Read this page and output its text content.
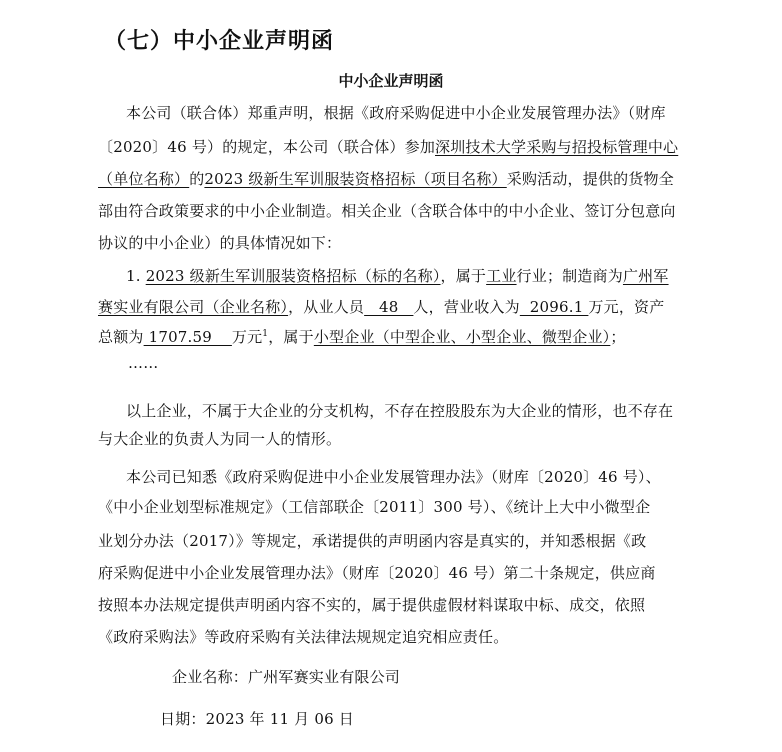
（七）中小企业声明函
中小企业声明函
本公司（联合体）郑重声明，根据《政府采购促进中小企业发展管理办法》（财库
〔2020〕46 号）的规定，本公司（联合体）参加深圳技术大学采购与招投标管理中心
（单位名称）的2023 级新生军训服装资格招标（项目名称）采购活动，提供的货物全
部由符合政策要求的中小企业制造。相关企业（含联合体中的中小企业、签订分包意向
协议的中小企业）的具体情况如下：
1. 2023 级新生军训服装资格招标（标的名称），属于工业行业；制造商为广州军
赛实业有限公司（企业名称），从业人员   48   人，营业收入为  2096.1 万元，资产
总额为 1707.59    万元$^1$，属于小型企业（中型企业、小型企业、微型企业）；
……
以上企业，不属于大企业的分支机构，不存在控股股东为大企业的情形，也不存在
与大企业的负责人为同一人的情形。
本公司已知悉《政府采购促进中小企业发展管理办法》（财库〔2020〕46 号）、
《中小企业划型标准规定》（工信部联企〔2011〕300 号）、《统计上大中小微型企
业划分办法（2017）》等规定，承诺提供的声明函内容是真实的，并知悉根据《政
府采购促进中小企业发展管理办法》（财库〔2020〕46 号）第二十条规定，供应商
按照本办法规定提供声明函内容不实的，属于提供虚假材料谋取中标、成交，依照
《政府采购法》等政府采购有关法律法规规定追究相应责任。
企业名称：广州军赛实业有限公司
日期：2023 年 11 月 06 日
